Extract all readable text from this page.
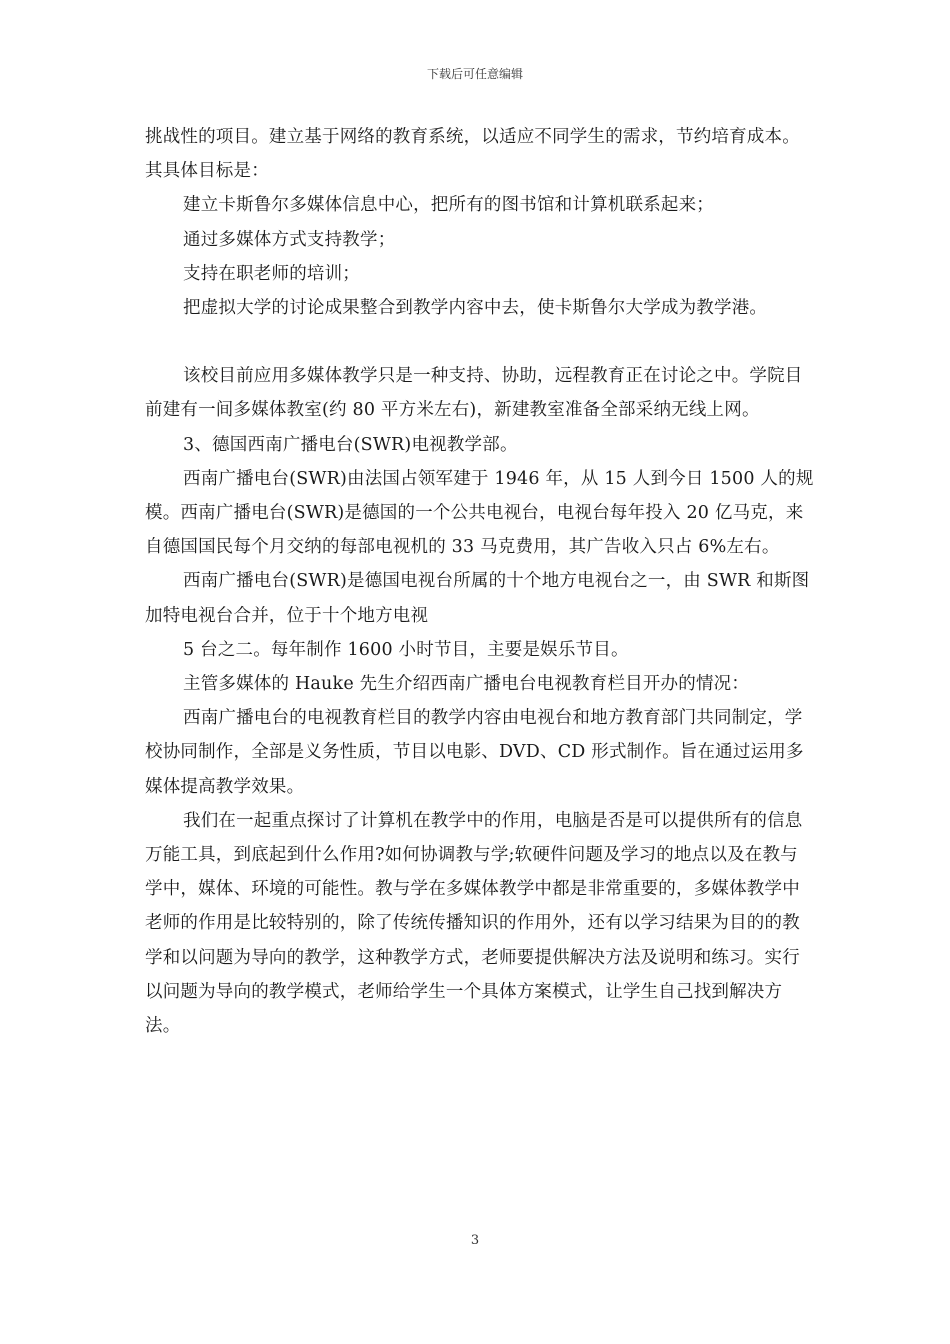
下载后可任意编辑

挑战性的项目。建立基于网络的教育系统，以适应不同学生的需求，节约培育成本。其具体目标是：

建立卡斯鲁尔多媒体信息中心，把所有的图书馆和计算机联系起来；

通过多媒体方式支持教学；

支持在职老师的培训；

把虚拟大学的讨论成果整合到教学内容中去，使卡斯鲁尔大学成为教学港。

该校目前应用多媒体教学只是一种支持、协助，远程教育正在讨论之中。学院目前建有一间多媒体教室(约 80 平方米左右)，新建教室准备全部采纳无线上网。

3、德国西南广播电台(SWR)电视教学部。

西南广播电台(SWR)由法国占领军建于 1946 年，从 15 人到今日 1500 人的规模。西南广播电台(SWR)是德国的一个公共电视台，电视台每年投入 20 亿马克，来自德国国民每个月交纳的每部电视机的 33 马克费用，其广告收入只占 6%左右。

西南广播电台(SWR)是德国电视台所属的十个地方电视台之一，由 SWR 和斯图加特电视台合并，位于十个地方电视

5 台之二。每年制作 1600 小时节目，主要是娱乐节目。

主管多媒体的 Hauke 先生介绍西南广播电台电视教育栏目开办的情况：

西南广播电台的电视教育栏目的教学内容由电视台和地方教育部门共同制定，学校协同制作，全部是义务性质，节目以电影、DVD、CD 形式制作。旨在通过运用多媒体提高教学效果。

我们在一起重点探讨了计算机在教学中的作用，电脑是否是可以提供所有的信息万能工具，到底起到什么作用?如何协调教与学;软硬件问题及学习的地点以及在教与学中，媒体、环境的可能性。教与学在多媒体教学中都是非常重要的，多媒体教学中老师的作用是比较特别的，除了传统传播知识的作用外，还有以学习结果为目的的教学和以问题为导向的教学，这种教学方式，老师要提供解决方法及说明和练习。实行以问题为导向的教学模式，老师给学生一个具体方案模式，让学生自己找到解决方法。

3
